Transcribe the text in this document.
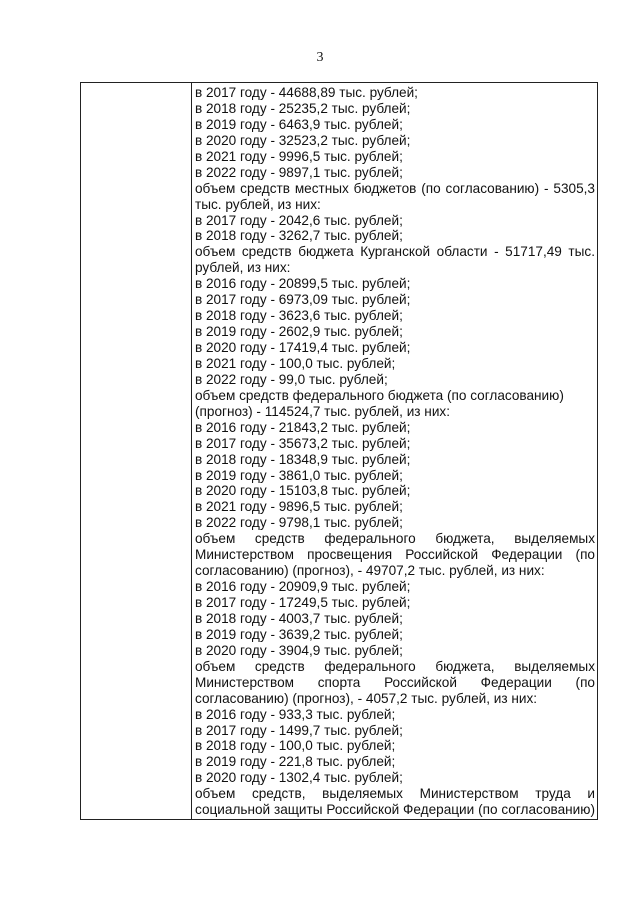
3
в 2017 году - 44688,89 тыс. рублей;
в 2018 году - 25235,2 тыс. рублей;
в 2019 году - 6463,9 тыс. рублей;
в 2020 году - 32523,2 тыс. рублей;
в 2021 году - 9996,5 тыс. рублей;
в 2022 году - 9897,1 тыс. рублей;
объем средств местных бюджетов (по согласованию) - 5305,3
тыс. рублей, из них:
в 2017 году - 2042,6 тыс. рублей;
в 2018 году - 3262,7 тыс. рублей;
объем средств бюджета Курганской области - 51717,49 тыс.
рублей, из них:
в 2016 году - 20899,5 тыс. рублей;
в 2017 году - 6973,09 тыс. рублей;
в 2018 году - 3623,6 тыс. рублей;
в 2019 году - 2602,9 тыс. рублей;
в 2020 году - 17419,4 тыс. рублей;
в 2021 году - 100,0 тыс. рублей;
в 2022 году - 99,0 тыс. рублей;
объем средств федерального бюджета (по согласованию)
(прогноз) - 114524,7 тыс. рублей, из них:
в 2016 году - 21843,2 тыс. рублей;
в 2017 году - 35673,2 тыс. рублей;
в 2018 году - 18348,9 тыс. рублей;
в 2019 году - 3861,0 тыс. рублей;
в 2020 году - 15103,8 тыс. рублей;
в 2021 году - 9896,5 тыс. рублей;
в 2022 году - 9798,1 тыс. рублей;
объем средств федерального бюджета, выделяемых
Министерством просвещения Российской Федерации (по
согласованию) (прогноз), - 49707,2 тыс. рублей, из них:
в 2016 году - 20909,9 тыс. рублей;
в 2017 году - 17249,5 тыс. рублей;
в 2018 году - 4003,7 тыс. рублей;
в 2019 году - 3639,2 тыс. рублей;
в 2020 году - 3904,9 тыс. рублей;
объем средств федерального бюджета, выделяемых
Министерством спорта Российской Федерации (по
согласованию) (прогноз), - 4057,2 тыс. рублей, из них:
в 2016 году - 933,3 тыс. рублей;
в 2017 году - 1499,7 тыс. рублей;
в 2018 году - 100,0 тыс. рублей;
в 2019 году - 221,8 тыс. рублей;
в 2020 году - 1302,4 тыс. рублей;
объем средств, выделяемых Министерством труда и
социальной защиты Российской Федерации (по согласованию)
